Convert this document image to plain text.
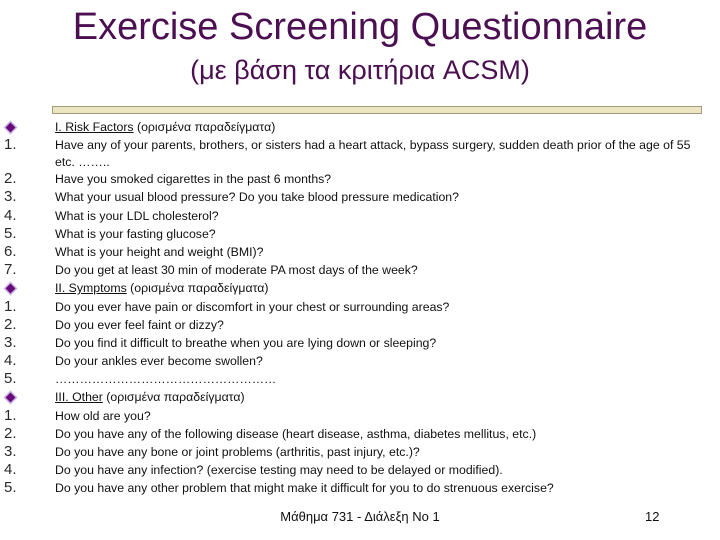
Exercise Screening Questionnaire
(με βάση τα κριτήρια ACSM)
I. Risk Factors (ορισμένα παραδείγματα)
1.	Have any of your parents, brothers, or sisters had a heart attack, bypass surgery, sudden death prior of the age of 55 etc. ……..
2.	Have you smoked cigarettes in the past 6 months?
3.	What your usual blood pressure? Do you take blood pressure medication?
4.	What is your LDL cholesterol?
5.	What is your fasting glucose?
6.	What is your height and weight (BMI)?
7.	Do you get at least 30 min of moderate PA most days of the week?
II. Symptoms (ορισμένα παραδείγματα)
1.	Do you ever have pain or discomfort in your chest or surrounding areas?
2.	Do you ever feel faint or dizzy?
3.	Do you find it difficult to breathe when you are lying down or sleeping?
4.	Do your ankles ever become swollen?
5.	………………………………………………
III. Other (ορισμένα παραδείγματα)
1.	How old are you?
2.	Do you have any of the following disease (heart disease, asthma, diabetes mellitus, etc.)
3.	Do you have any bone or joint problems (arthritis, past injury, etc.)?
4.	Do you have any infection? (exercise testing may need to be delayed or modified).
5.	Do you have any other problem that might make it difficult for you to do strenuous exercise?
Μάθημα 731 - Διάλεξη Νο 1	12
